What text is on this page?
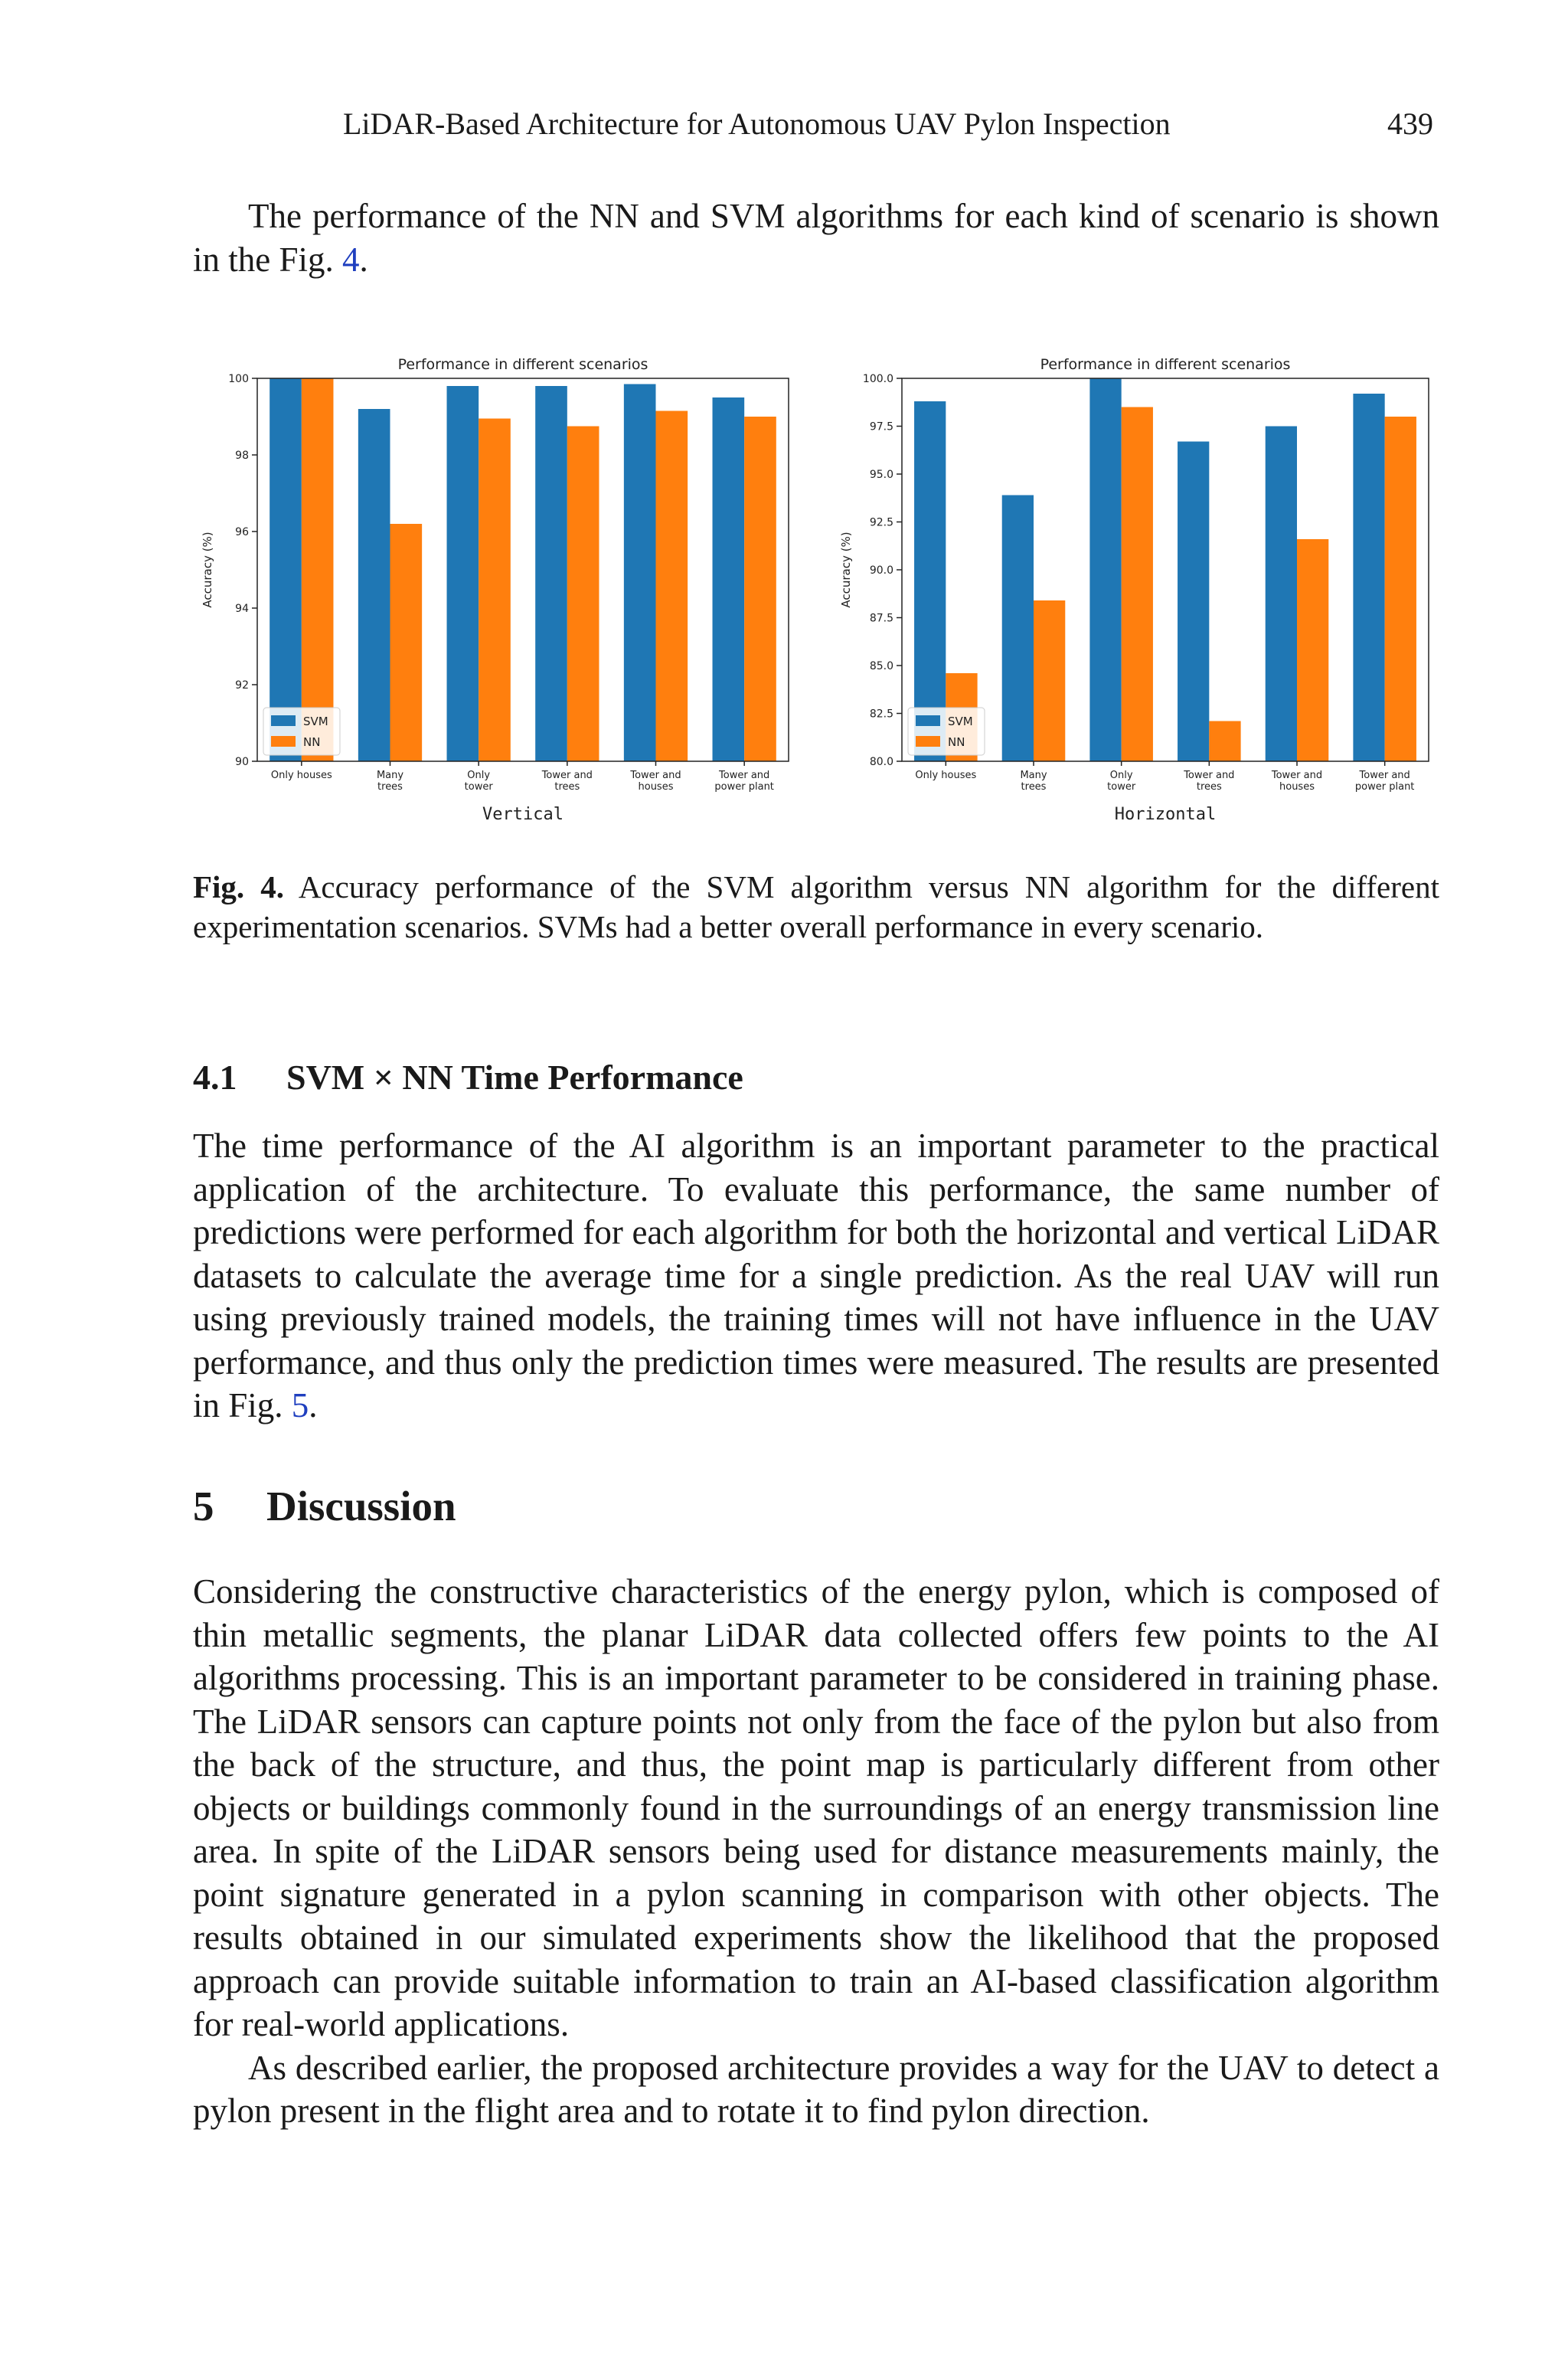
LiDAR-Based Architecture for Autonomous UAV Pylon Inspection	439

The performance of the NN and SVM algorithms for each kind of scenario is shown in the Fig. 4.

Performance in different scenarios
90
92
94
96
98
100
Only houses	Many
trees
Only
tower
Tower and
trees
Tower and
houses
Tower and
power plant
Vertical
Accuracy (%)
SVM
NN
Performance in different scenarios
80.0
82.5
85.0
87.5
90.0
92.5
95.0
97.5
100.0
Only houses	Many
trees
Only
tower
Tower and
trees
Tower and
houses
Tower and
power plant
Horizontal
Accuracy (%)
SVM
NN
Fig. 4. Accuracy performance of the SVM algorithm versus NN algorithm for the different experimentation scenarios. SVMs had a better overall performance in every scenario.
4.1 SVM × NN Time Performance

The time performance of the AI algorithm is an important parameter to the practical application of the architecture. To evaluate this performance, the same number of predictions were performed for each algorithm for both the horizontal and vertical LiDAR datasets to calculate the average time for a single prediction. As the real UAV will run using previously trained models, the training times will not have influence in the UAV performance, and thus only the prediction times were measured. The results are presented in Fig. 5.

5 Discussion

Considering the constructive characteristics of the energy pylon, which is composed of thin metallic segments, the planar LiDAR data collected offers few points to the AI algorithms processing. This is an important parameter to be considered in training phase. The LiDAR sensors can capture points not only from the face of the pylon but also from the back of the structure, and thus, the point map is particularly different from other objects or buildings commonly found in the surroundings of an energy transmission line area. In spite of the LiDAR sensors being used for distance measurements mainly, the point signature generated in a pylon scanning in comparison with other objects. The results obtained in our simulated experiments show the likelihood that the proposed approach can provide suitable information to train an AI-based classification algorithm for real-world applications.

As described earlier, the proposed architecture provides a way for the UAV to detect a pylon present in the flight area and to rotate it to find pylon direction.
